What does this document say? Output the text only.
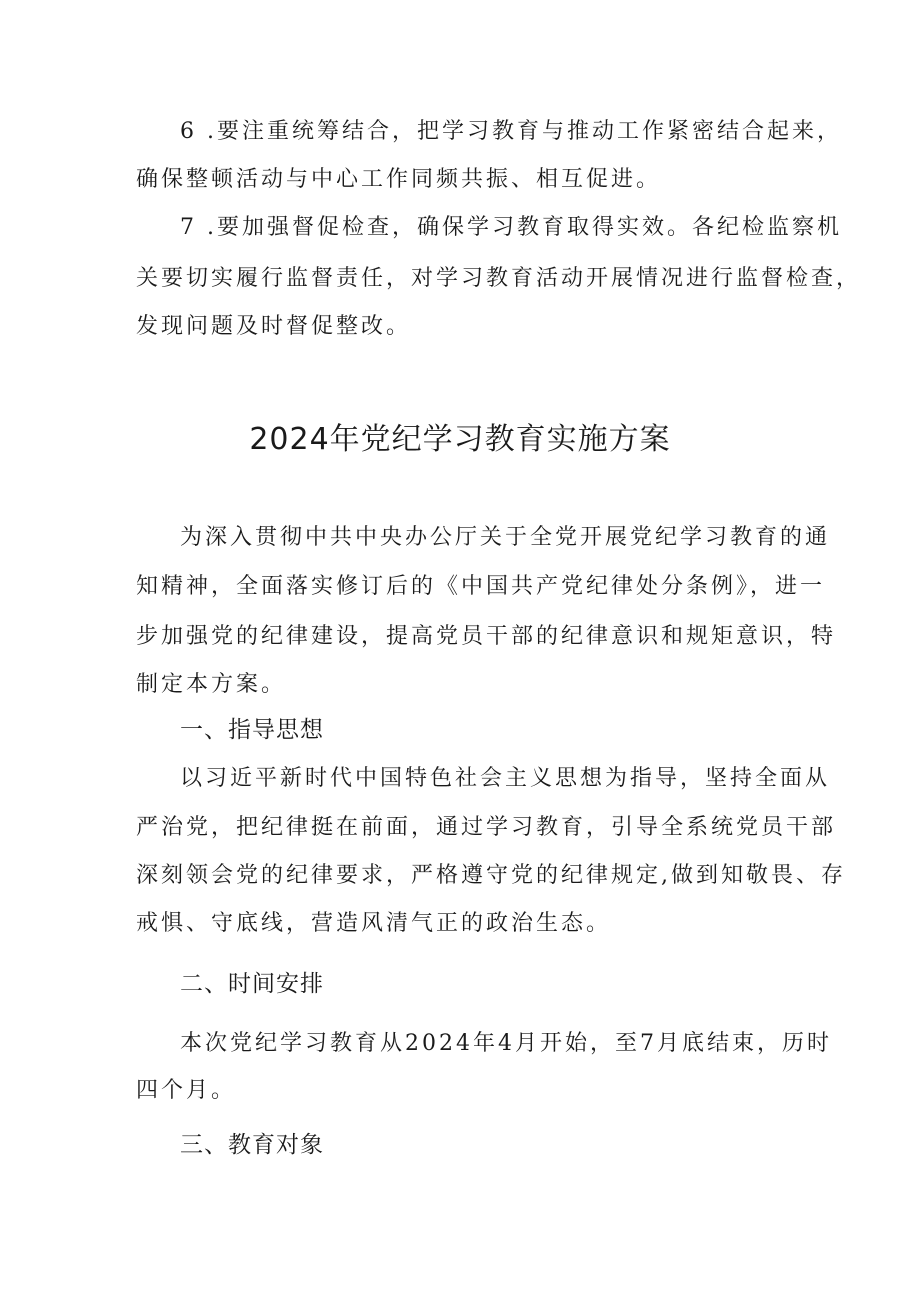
6 .要注重统筹结合，把学习教育与推动工作紧密结合起来，
确保整顿活动与中心工作同频共振、相互促进。
7 .要加强督促检查，确保学习教育取得实效。各纪检监察机
关要切实履行监督责任，对学习教育活动开展情况进行监督检查，
发现问题及时督促整改。
2024年党纪学习教育实施方案
为深入贯彻中共中央办公厅关于全党开展党纪学习教育的通
知精神，全面落实修订后的《中国共产党纪律处分条例》，进一
步加强党的纪律建设，提高党员干部的纪律意识和规矩意识，特
制定本方案。
一、指导思想
以习近平新时代中国特色社会主义思想为指导，坚持全面从
严治党，把纪律挺在前面，通过学习教育，引导全系统党员干部
深刻领会党的纪律要求，严格遵守党的纪律规定,做到知敬畏、存
戒惧、守底线，营造风清气正的政治生态。
二、时间安排
本次党纪学习教育从2024年4月开始，至7月底结束，历时
四个月。
三、教育对象
